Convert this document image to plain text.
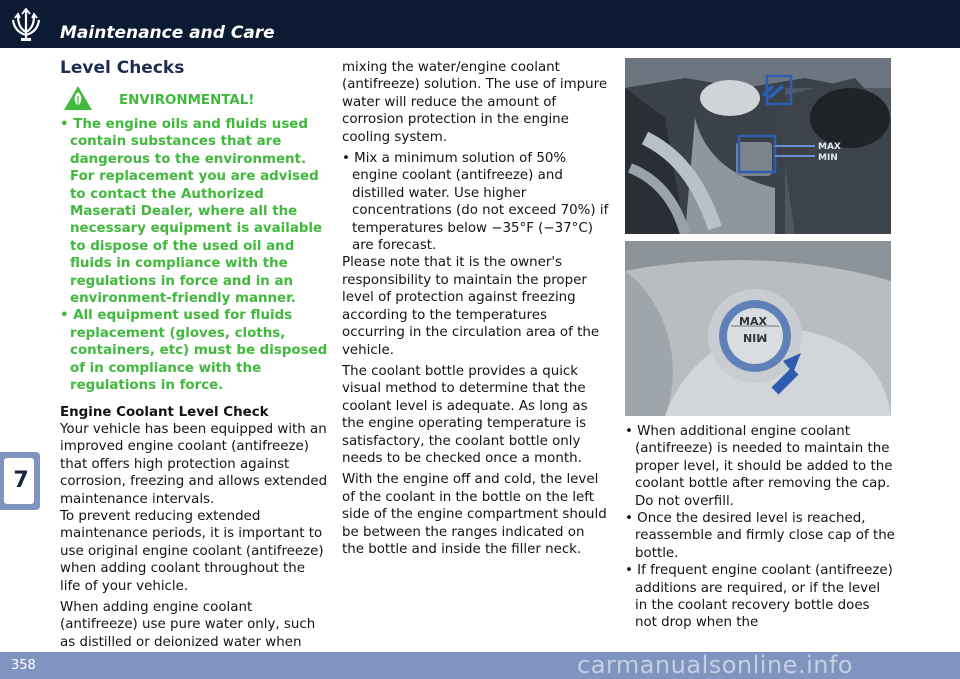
Maintenance and Care
7
Level Checks
ENVIRONMENTAL!
• The engine oils and fluids used contain substances that are dangerous to the environment. For replacement you are advised to contact the Authorized Maserati Dealer, where all the necessary equipment is available to dispose of the used oil and fluids in compliance with the regulations in force and in an environment-friendly manner.
• All equipment used for fluids replacement (gloves, cloths, containers, etc) must be disposed of in compliance with the regulations in force.
Engine Coolant Level Check

Your vehicle has been equipped with an improved engine coolant (antifreeze) that offers high protection against corrosion, freezing and allows extended maintenance intervals.

To prevent reducing extended maintenance periods, it is important to use original engine coolant (antifreeze) when adding coolant throughout the life of your vehicle.

When adding engine coolant (antifreeze) use pure water only, such as distilled or deionized water when

mixing the water/engine coolant (antifreeze) solution. The use of impure water will reduce the amount of corrosion protection in the engine cooling system.

• Mix a minimum solution of 50% engine coolant (antifreeze) and distilled water. Use higher concentrations (do not exceed 70%) if temperatures below −35°F (−37°C) are forecast.

Please note that it is the owner's responsibility to maintain the proper level of protection against freezing according to the temperatures occurring in the circulation area of the vehicle.

The coolant bottle provides a quick visual method to determine that the coolant level is adequate. As long as the engine operating temperature is satisfactory, the coolant bottle only needs to be checked once a month.

With the engine off and cold, the level of the coolant in the bottle on the left side of the engine compartment should be between the ranges indicated on the bottle and inside the filler neck.

MAX
MIN
MAX
MIN
• When additional engine coolant (antifreeze) is needed to maintain the proper level, it should be added to the coolant bottle after removing the cap. Do not overfill.
• Once the desired level is reached, reassemble and firmly close cap of the bottle.
• If frequent engine coolant (antifreeze) additions are required, or if the level in the coolant recovery bottle does not drop when the
358	carmanualsonline.info
